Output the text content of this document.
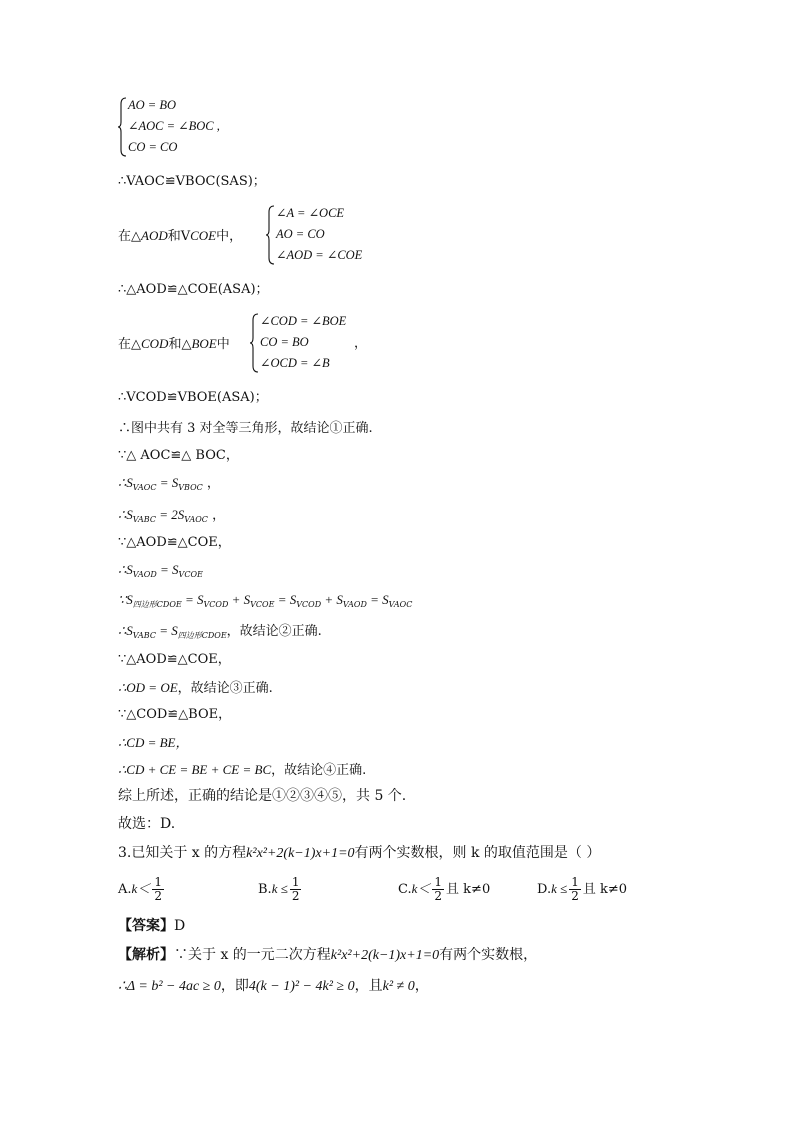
AO = BO
∠AOC = ∠BOC ,
CO = CO
∴VAOC≌VBOC(SAS)；
在△AOD和VCOE中，
∠A = ∠OCE
AO = CO
∠AOD = ∠COE
∴△AOD≌△COE(ASA)；
在△COD和△BOE中
∠COD = ∠BOE
CO = BO
∠OCD = ∠B
，
∴VCOD≌VBOE(ASA)；
∴图中共有 3 对全等三角形，故结论①正确.
∵△ AOC≌△ BOC，
$\therefore S_{VAOC} = S_{VBOC}$ ，
$\therefore S_{VABC} = 2S_{VAOC}$ ，
∵△AOD≌△COE，
$\therefore S_{VAOD} = S_{VCOE}$
$\because S_{四边形CDOE} = S_{VCOD} + S_{VCOE} = S_{VCOD} + S_{VAOD} = S_{VAOC}$
$\therefore S_{VABC} = S_{四边形CDOE}$，故结论②正确.
∵△AOD≌△COE，
∴OD = OE，故结论③正确.
∵△COD≌△BOE，
∴CD = BE，
∴CD + CE = BE + CE = BC，故结论④正确.
综上所述，正确的结论是①②③④⑤，共 5 个.
故选：D.
3.已知关于 x 的方程k²x²+2(k−1)x+1=0有两个实数根，则 k 的取值范围是（ ）
$A.k< \frac{1}{2}$	$B.k \le \frac{1}{2}$	$C.k< \frac{1}{2}$ 且 k≠0	$D.k \le \frac{1}{2}$ 且 k≠0
【答案】D
【解析】∵关于 x 的一元二次方程k²x²+2(k−1)x+1=0有两个实数根，
∴Δ = b² − 4ac ≥ 0，即4(k − 1)² − 4k² ≥ 0，且k² ≠ 0，
